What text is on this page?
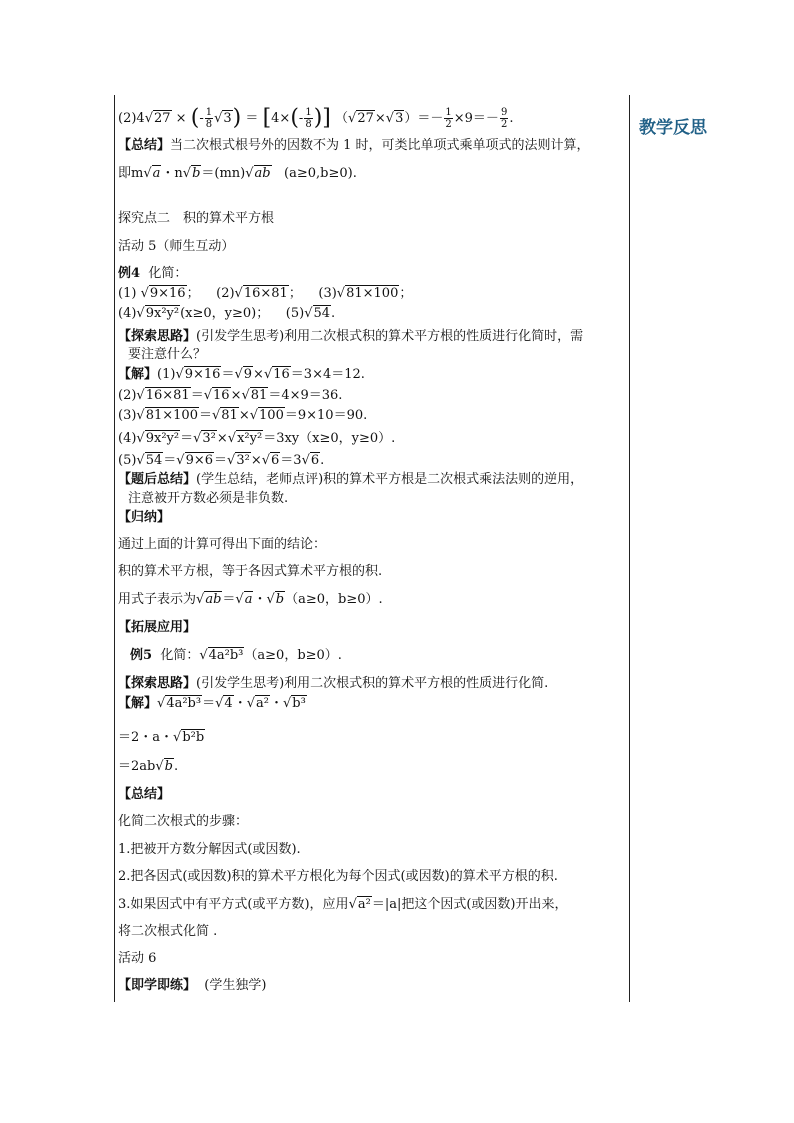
教学反思
(2)4√27 × (- $\frac{1}{8} √3) = [4\times(- \frac{1}{8}$ )] $(√27\times√3)=- \frac{1}{2} \times 9=- \frac{9}{2}$ .
【总结】当二次根式根号外的因数不为 1 时，可类比单项式乘单项式的法则计算，
即m√a・n√b＝(mn)√ab (a≥0,b≥0).
探究点二　积的算术平方根
活动 5（师生互动）
例4 化简：
(1) √9×16； (2)√16×81； (3)√81×100；
(4)√9x²y²(x≥0，y≥0)； (5)√54.
【探索思路】(引发学生思考)利用二次根式积的算术平方根的性质进行化简时，需
要注意什么？
【解】(1)√9×16＝√9×√16＝3×4＝12.
(2)√16×81＝√16×√81＝4×9＝36.
(3)√81×100＝√81×√100＝9×10＝90.
(4)√9x²y²＝√3²×√x²y²＝3xy（x≥0，y≥0）.
(5)√54＝√9×6＝√3²×√6＝3√6.
【题后总结】(学生总结，老师点评)积的算术平方根是二次根式乘法法则的逆用，
注意被开方数必须是非负数.
【归纳】
通过上面的计算可得出下面的结论：
积的算术平方根，等于各因式算术平方根的积.
用式子表示为√ab＝√a・√b（a≥0，b≥0）.
【拓展应用】
例5 化简：√4a²b³（a≥0，b≥0）.
【探索思路】(引发学生思考)利用二次根式积的算术平方根的性质进行化简.
【解】√4a²b³＝√4・√a²・√b³
＝2・a・√b²b
＝2ab√b.
【总结】
化简二次根式的步骤：
1.把被开方数分解因式(或因数).
2.把各因式(或因数)积的算术平方根化为每个因式(或因数)的算术平方根的积.
3.如果因式中有平方式(或平方数)，应用√a²＝|a|把这个因式(或因数)开出来，
将二次根式化简 .
活动 6
【即学即练】 (学生独学)
